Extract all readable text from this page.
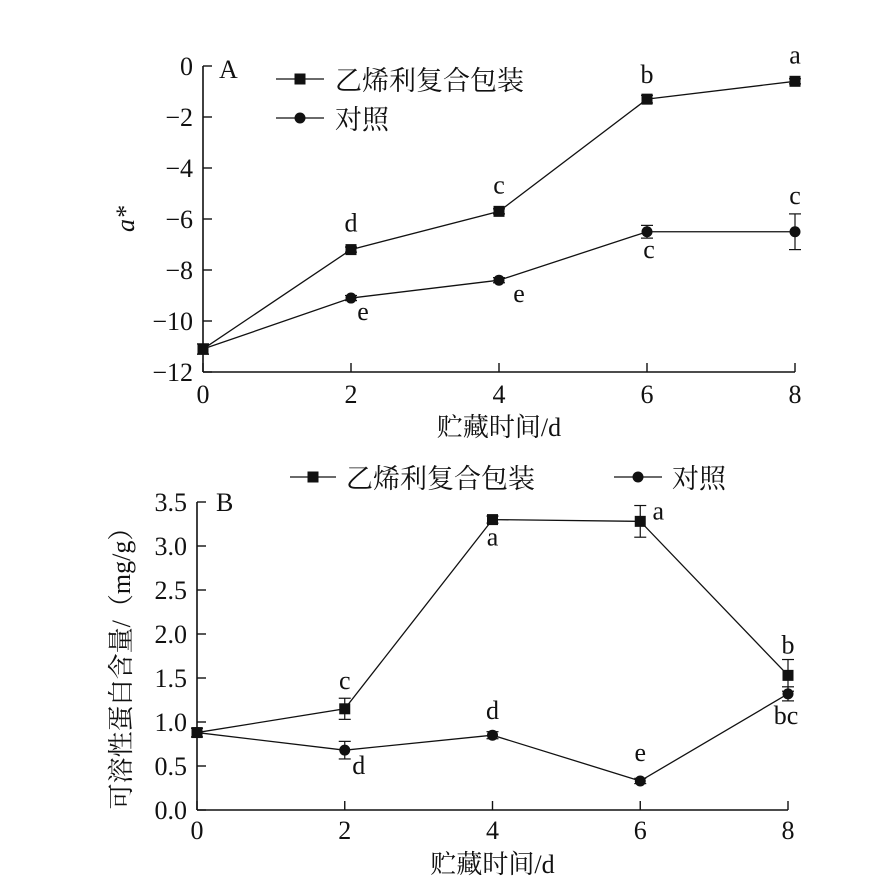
0
−2
−4
−6
−8
−10
−12
0	2	4	6	8
A
贮藏时间/d
a*	d
c
b
a
乙烯利复合包装
e
e
c
c
对照
0.0
0.5
1.0
1.5
2.0
2.5
3.0
3.5
0	2	4	6	8
B
贮藏时间/d
可溶性蛋白含量/（mg/g）	c
a
a
b
乙烯利复合包装
d
d
e
bc
对照
